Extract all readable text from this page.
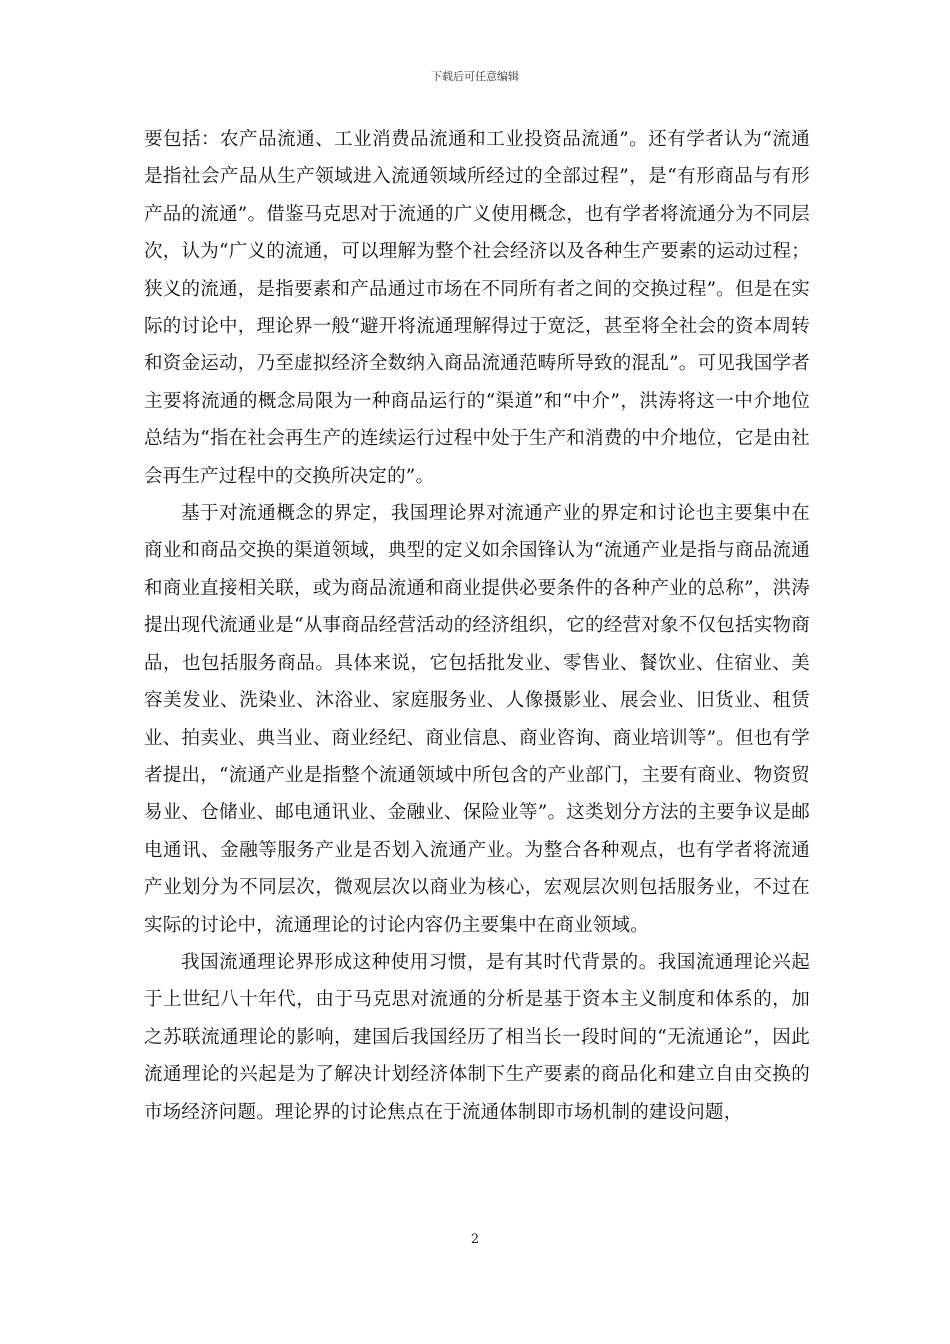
下载后可任意编辑

要包括：农产品流通、工业消费品流通和工业投资品流通”。还有学者认为“流通是指社会产品从生产领域进入流通领域所经过的全部过程”，是“有形商品与有形产品的流通”。借鉴马克思对于流通的广义使用概念，也有学者将流通分为不同层次，认为“广义的流通，可以理解为整个社会经济以及各种生产要素的运动过程；狭义的流通，是指要素和产品通过市场在不同所有者之间的交换过程”。但是在实际的讨论中，理论界一般“避开将流通理解得过于宽泛，甚至将全社会的资本周转和资金运动，乃至虚拟经济全数纳入商品流通范畴所导致的混乱”。可见我国学者主要将流通的概念局限为一种商品运行的“渠道”和“中介”，洪涛将这一中介地位总结为“指在社会再生产的连续运行过程中处于生产和消费的中介地位，它是由社会再生产过程中的交换所决定的”。

基于对流通概念的界定，我国理论界对流通产业的界定和讨论也主要集中在商业和商品交换的渠道领域，典型的定义如余国锋认为“流通产业是指与商品流通和商业直接相关联，或为商品流通和商业提供必要条件的各种产业的总称”，洪涛提出现代流通业是“从事商品经营活动的经济组织，它的经营对象不仅包括实物商品，也包括服务商品。具体来说，它包括批发业、零售业、餐饮业、住宿业、美容美发业、洗染业、沐浴业、家庭服务业、人像摄影业、展会业、旧货业、租赁业、拍卖业、典当业、商业经纪、商业信息、商业咨询、商业培训等”。但也有学者提出，“流通产业是指整个流通领域中所包含的产业部门，主要有商业、物资贸易业、仓储业、邮电通讯业、金融业、保险业等”。这类划分方法的主要争议是邮电通讯、金融等服务产业是否划入流通产业。为整合各种观点，也有学者将流通产业划分为不同层次，微观层次以商业为核心，宏观层次则包括服务业，不过在实际的讨论中，流通理论的讨论内容仍主要集中在商业领域。

我国流通理论界形成这种使用习惯，是有其时代背景的。我国流通理论兴起于上世纪八十年代，由于马克思对流通的分析是基于资本主义制度和体系的，加之苏联流通理论的影响，建国后我国经历了相当长一段时间的“无流通论”，因此流通理论的兴起是为了解决计划经济体制下生产要素的商品化和建立自由交换的市场经济问题。理论界的讨论焦点在于流通体制即市场机制的建设问题，

2
